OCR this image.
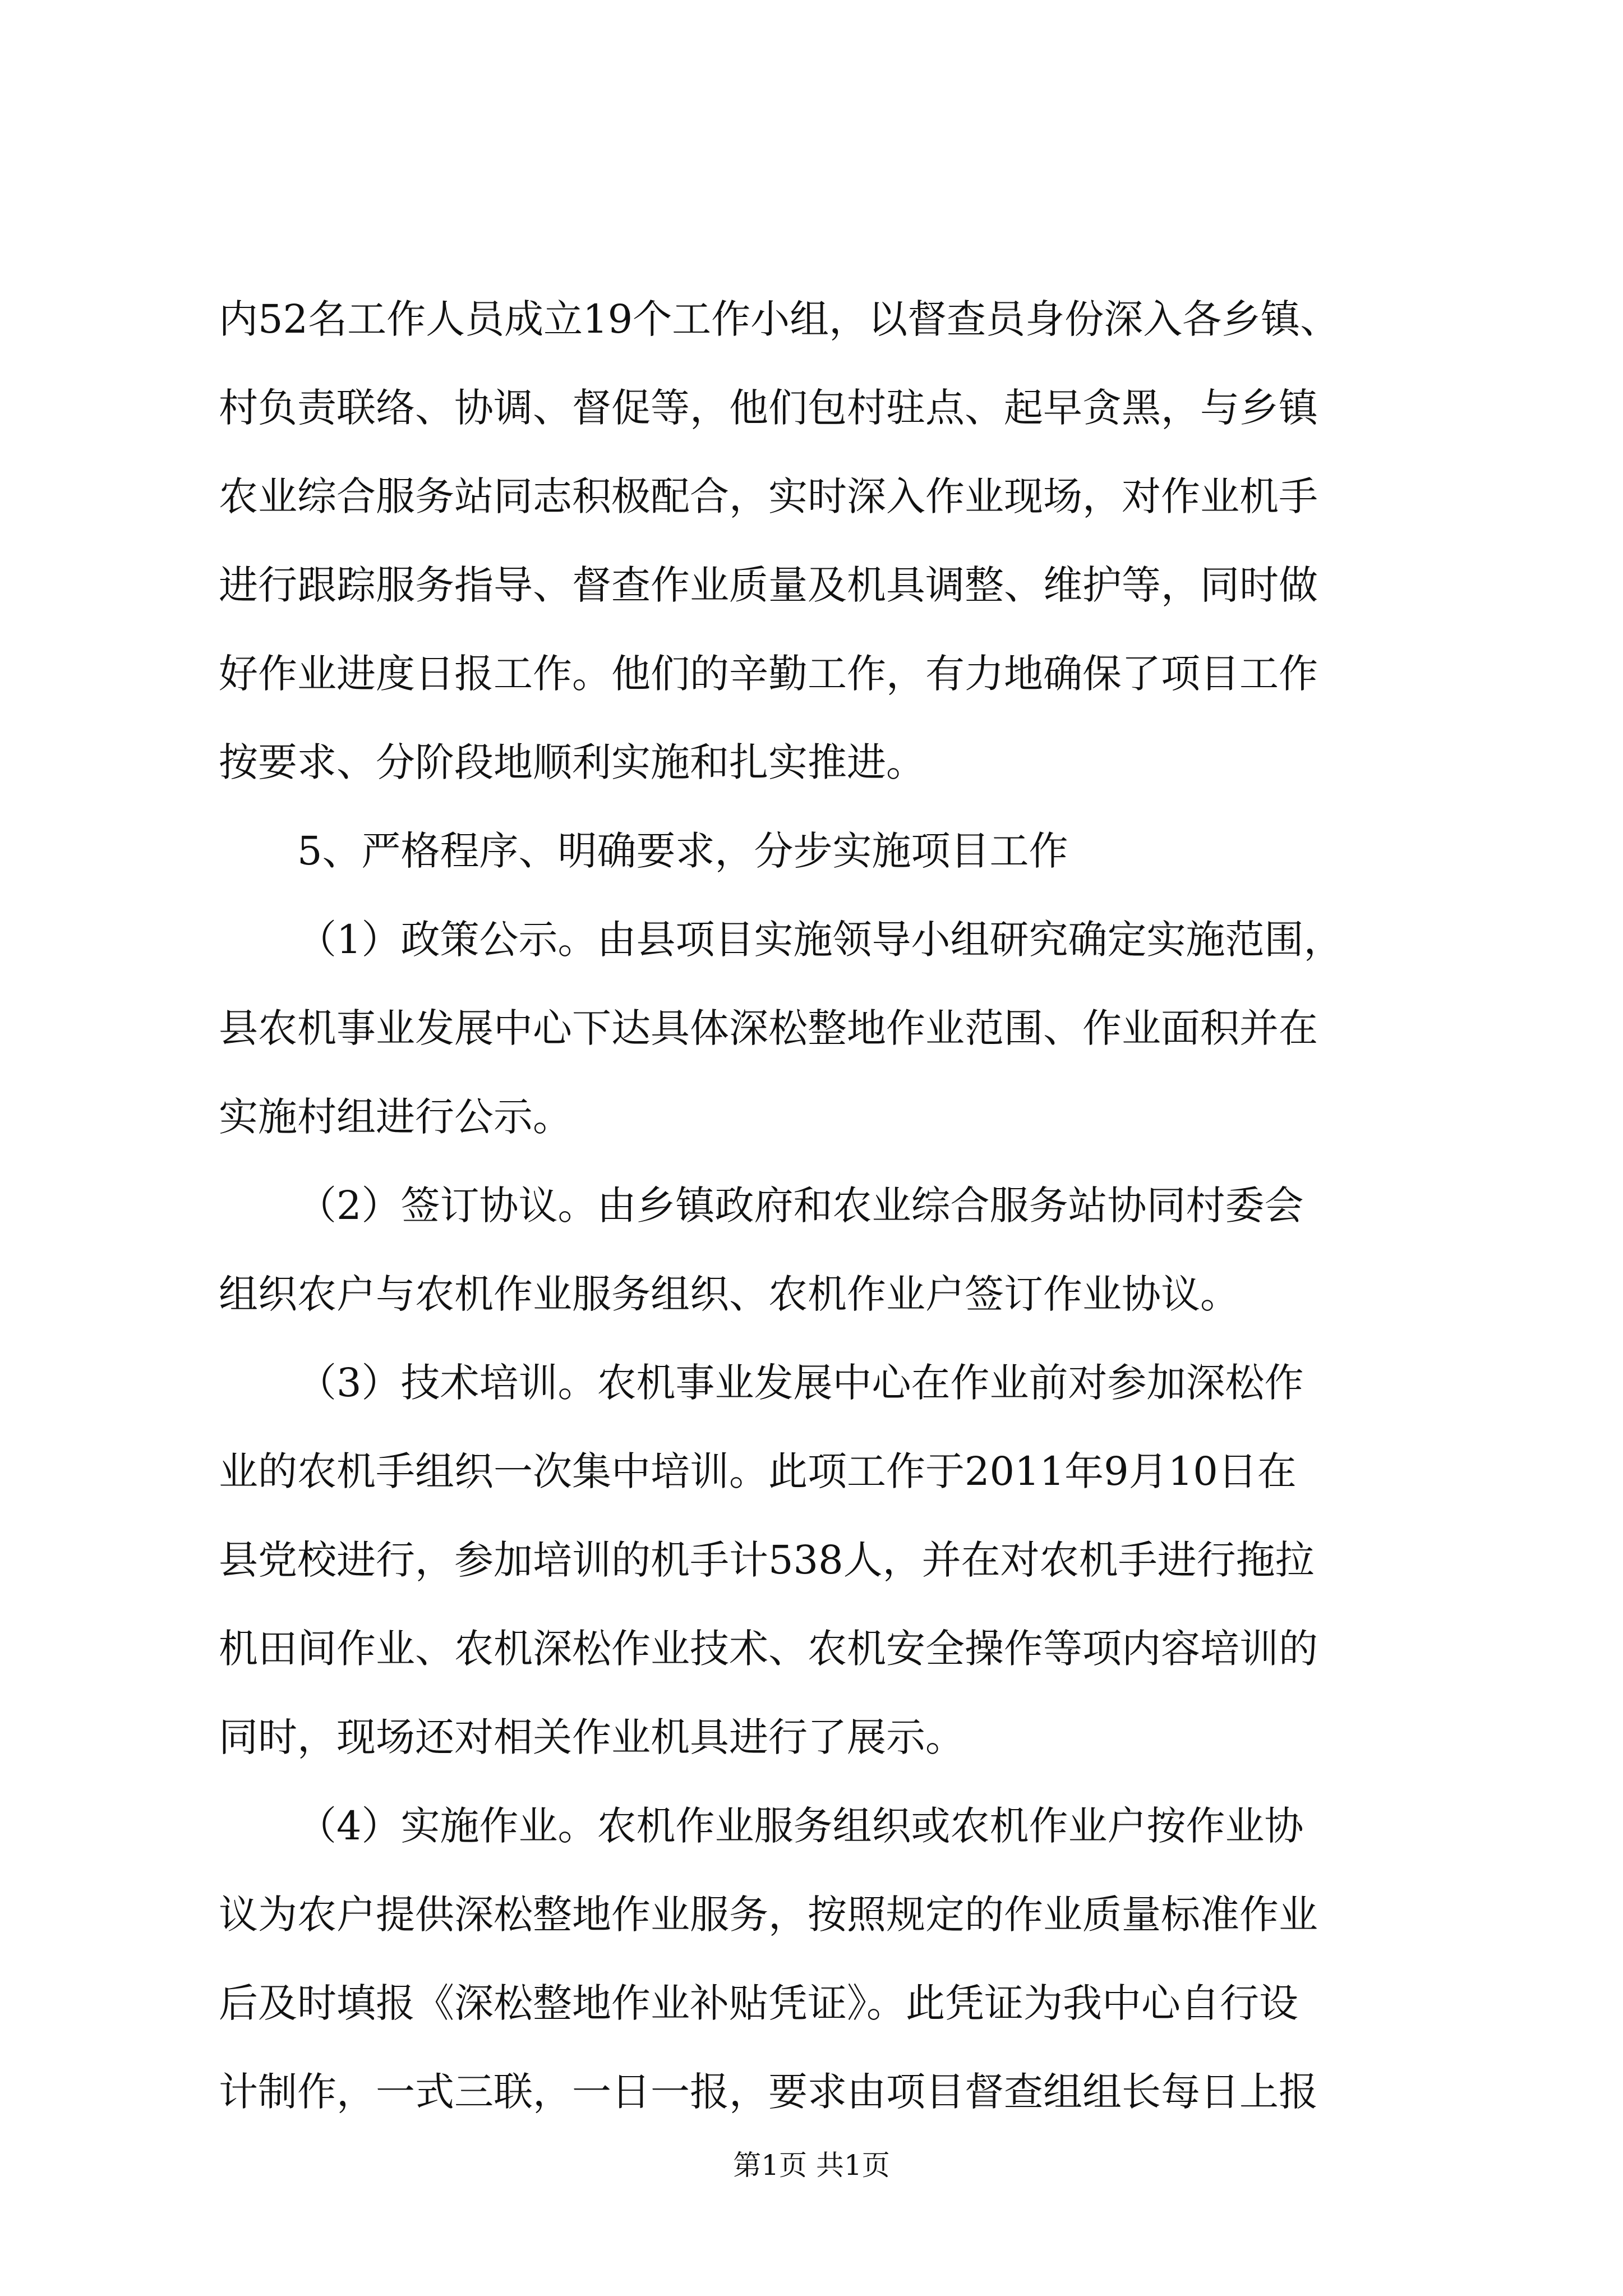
内52名工作人员成立19个工作小组，以督查员身份深入各乡镇、
村负责联络、协调、督促等，他们包村驻点、起早贪黑，与乡镇
农业综合服务站同志积极配合，实时深入作业现场，对作业机手
进行跟踪服务指导、督查作业质量及机具调整、维护等，同时做
好作业进度日报工作。他们的辛勤工作，有力地确保了项目工作
按要求、分阶段地顺利实施和扎实推进。
5、严格程序、明确要求，分步实施项目工作
（1）政策公示。由县项目实施领导小组研究确定实施范围，
县农机事业发展中心下达具体深松整地作业范围、作业面积并在
实施村组进行公示。
（2）签订协议。由乡镇政府和农业综合服务站协同村委会
组织农户与农机作业服务组织、农机作业户签订作业协议。
（3）技术培训。农机事业发展中心在作业前对参加深松作
业的农机手组织一次集中培训。此项工作于2011年9月10日在
县党校进行，参加培训的机手计538人，并在对农机手进行拖拉
机田间作业、农机深松作业技术、农机安全操作等项内容培训的
同时，现场还对相关作业机具进行了展示。
（4）实施作业。农机作业服务组织或农机作业户按作业协
议为农户提供深松整地作业服务，按照规定的作业质量标准作业
后及时填报《深松整地作业补贴凭证》。此凭证为我中心自行设
计制作，一式三联，一日一报，要求由项目督查组组长每日上报
第1页 共1页
